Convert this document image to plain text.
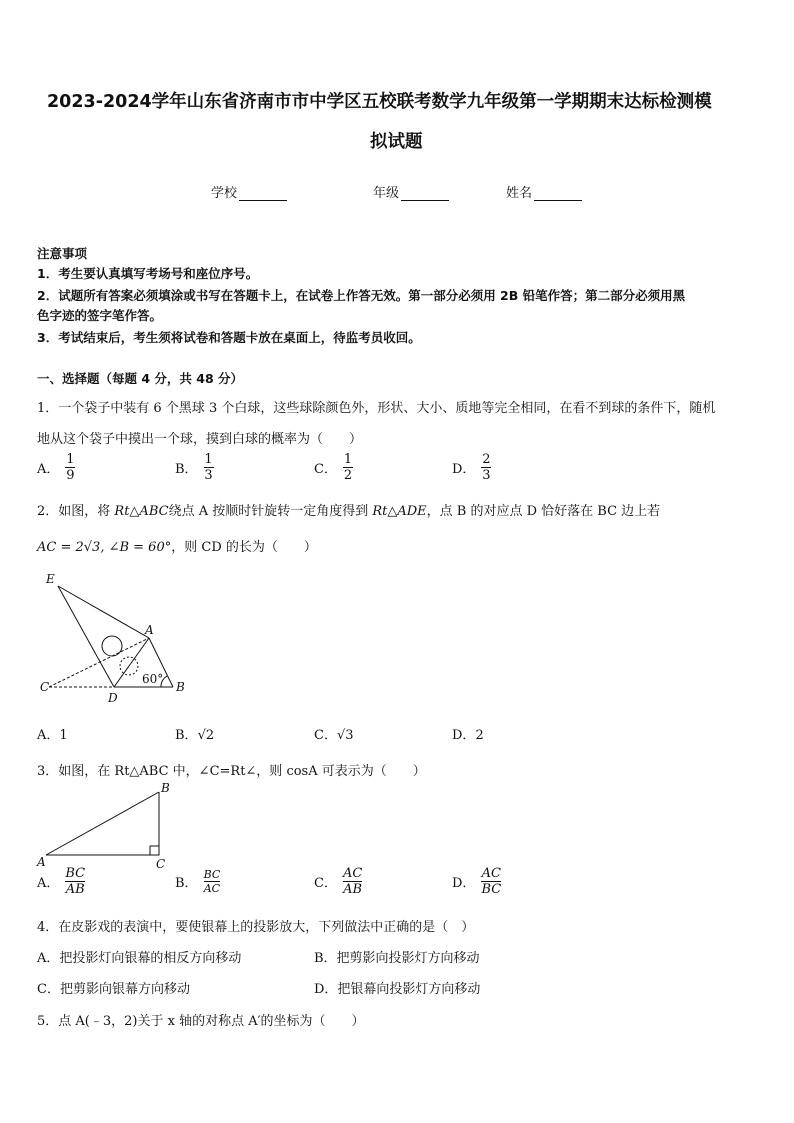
2023-2024学年山东省济南市市中学区五校联考数学九年级第一学期期末达标检测模
拟试题
学校	年级	姓名
注意事项
1．考生要认真填写考场号和座位序号。
2．试题所有答案必须填涂或书写在答题卡上，在试卷上作答无效。第一部分必须用 2B 铅笔作答；第二部分必须用黑
色字迹的签字笔作答。
3．考试结束后，考生须将试卷和答题卡放在桌面上，待监考员收回。
一、选择题（每题 4 分，共 48 分）
1．一个袋子中装有 6 个黑球 3 个白球，这些球除颜色外，形状、大小、质地等完全相同，在看不到球的条件下，随机
地从这个袋子中摸出一个球，摸到白球的概率为（　　）
A． $\frac{1}{9}$	B． $\frac{1}{3}$	C． $\frac{1}{2}$	D． $\frac{2}{3}$
2．如图，将 Rt△ABC绕点 A 按顺时针旋转一定角度得到 Rt△ADE，点 B 的对应点 D 恰好落在 BC 边上若
AC = 2√3, ∠B = 60°，则 CD 的长为（　　）
E
A
C
D
B
60°
A．1	B．√2	C．√3	D．2
3．如图，在 Rt△ABC 中，∠C=Rt∠，则 cosA 可表示为（　　）
A
B
C
A． $\frac{BC}{AB}$	B． $\frac{BC}{AC}$	C． $\frac{AC}{AB}$	D． $\frac{AC}{BC}$
4．在皮影戏的表演中，要使银幕上的投影放大，下列做法中正确的是（　）
A．把投影灯向银幕的相反方向移动	B．把剪影向投影灯方向移动
C．把剪影向银幕方向移动	D．把银幕向投影灯方向移动
5．点 A(﹣3，2)关于 x 轴的对称点 A′的坐标为（　　）
